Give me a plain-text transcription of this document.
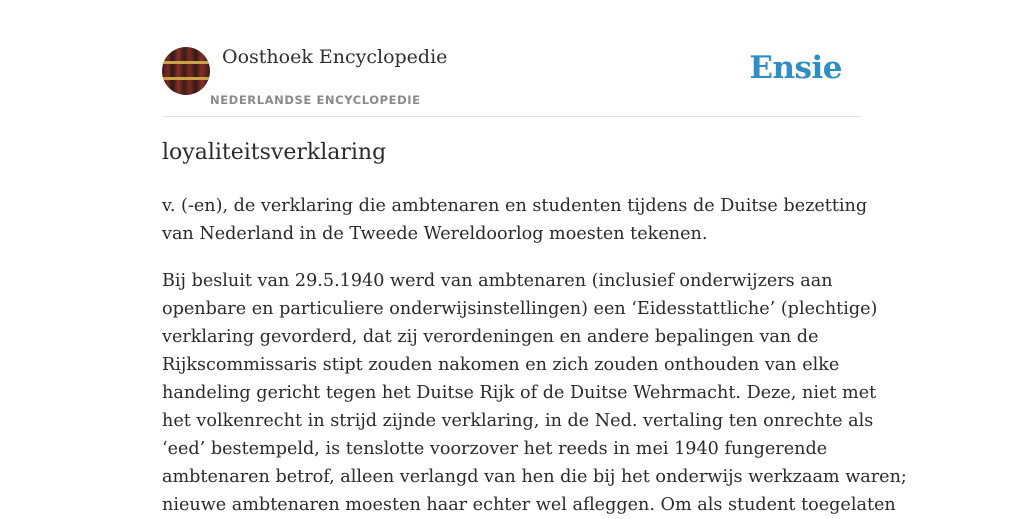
Oosthoek Encyclopedie
NEDERLANDSE ENCYCLOPEDIE
Ensie
loyaliteitsverklaring

v. (-en), de verklaring die ambtenaren en studenten tijdens de Duitse bezetting
van Nederland in de Tweede Wereldoorlog moesten tekenen.

Bij besluit van 29.5.1940 werd van ambtenaren (inclusief onderwijzers aan
openbare en particuliere onderwijsinstellingen) een ‘Eidesstattliche’ (plechtige)
verklaring gevorderd, dat zij verordeningen en andere bepalingen van de
Rijkscommissaris stipt zouden nakomen en zich zouden onthouden van elke
handeling gericht tegen het Duitse Rijk of de Duitse Wehrmacht. Deze, niet met
het volkenrecht in strijd zijnde verklaring, in de Ned. vertaling ten onrechte als
‘eed’ bestempeld, is tenslotte voorzover het reeds in mei 1940 fungerende
ambtenaren betrof, alleen verlangd van hen die bij het onderwijs werkzaam waren;
nieuwe ambtenaren moesten haar echter wel afleggen. Om als student toegelaten
